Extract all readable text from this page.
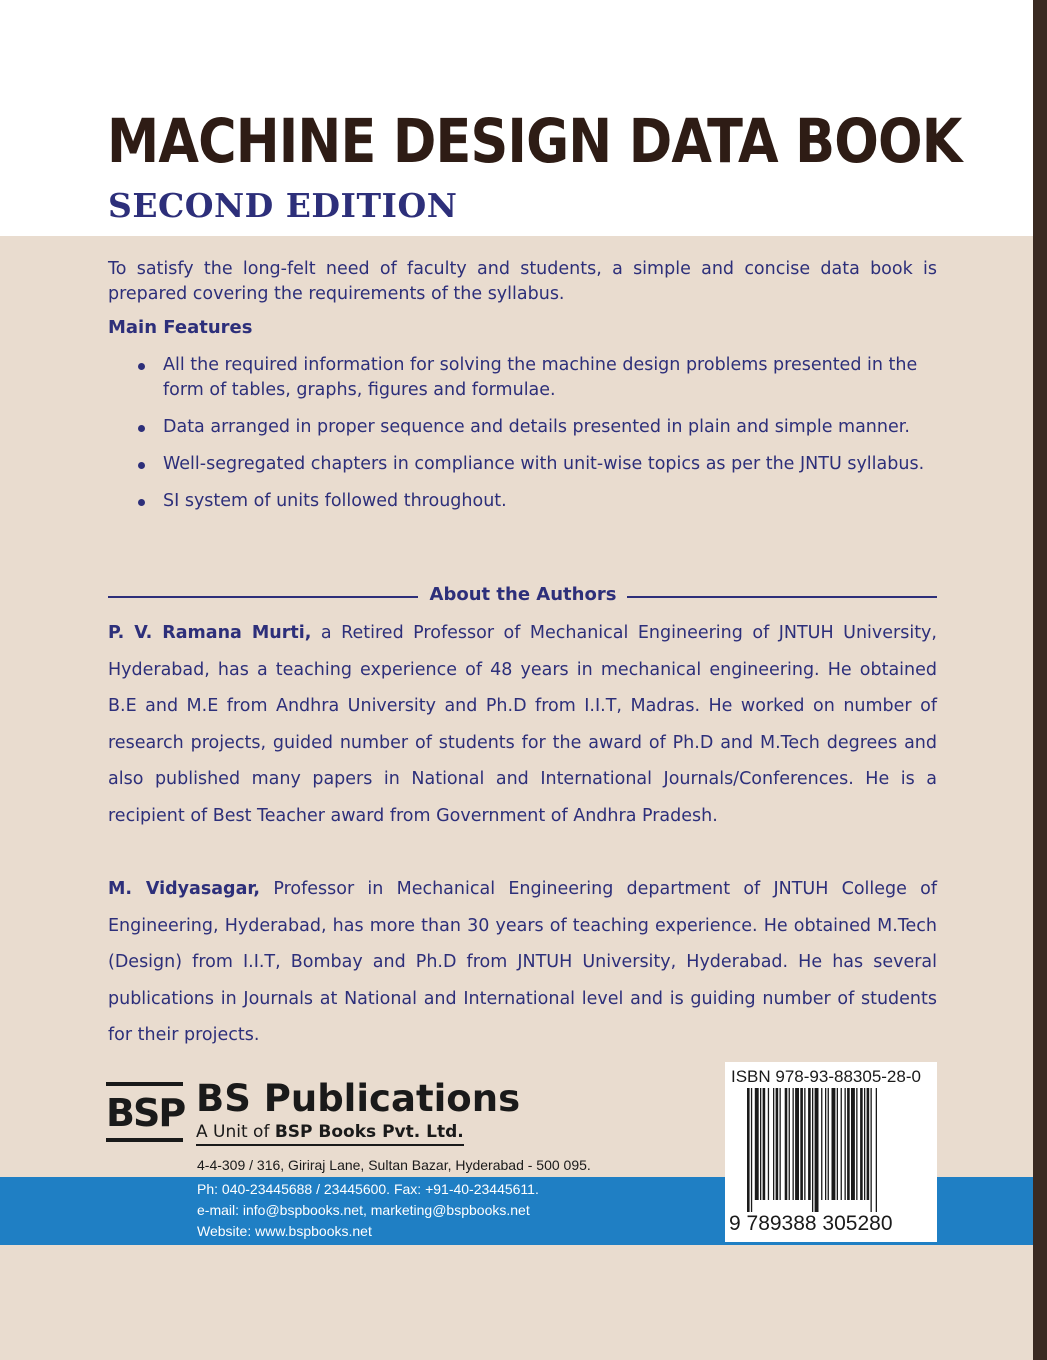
MACHINE DESIGN DATA BOOK
SECOND EDITION

To satisfy the long-felt need of faculty and students, a simple and concise data book is prepared covering the requirements of the syllabus.

Main Features

All the required information for solving the machine design problems presented in the form of tables, graphs, figures and formulae.
Data arranged in proper sequence and details presented in plain and simple manner.
Well-segregated chapters in compliance with unit-wise topics as per the JNTU syllabus.
SI system of units followed throughout.

About the Authors

P. V. Ramana Murti, a Retired Professor of Mechanical Engineering of JNTUH University, Hyderabad, has a teaching experience of 48 years in mechanical engineering. He obtained B.E and M.E from Andhra University and Ph.D from I.I.T, Madras. He worked on number of research projects, guided number of students for the award of Ph.D and M.Tech degrees and also published many papers in National and International Journals/Conferences. He is a recipient of Best Teacher award from Government of Andhra Pradesh.

M. Vidyasagar, Professor in Mechanical Engineering department of JNTUH College of Engineering, Hyderabad, has more than 30 years of teaching experience. He obtained M.Tech (Design) from I.I.T, Bombay and Ph.D from JNTUH University, Hyderabad. He has several publications in Journals at National and International level and is guiding number of students for their projects.

BSP BS Publications

A Unit of BSP Books Pvt. Ltd.

4-4-309 / 316, Giriraj Lane, Sultan Bazar, Hyderabad - 500 095.

Ph: 040-23445688 / 23445600. Fax: +91-40-23445611.

e-mail: info@bspbooks.net, marketing@bspbooks.net

Website: www.bspbooks.net

ISBN 978-93-88305-28-0

9 789388 305280
